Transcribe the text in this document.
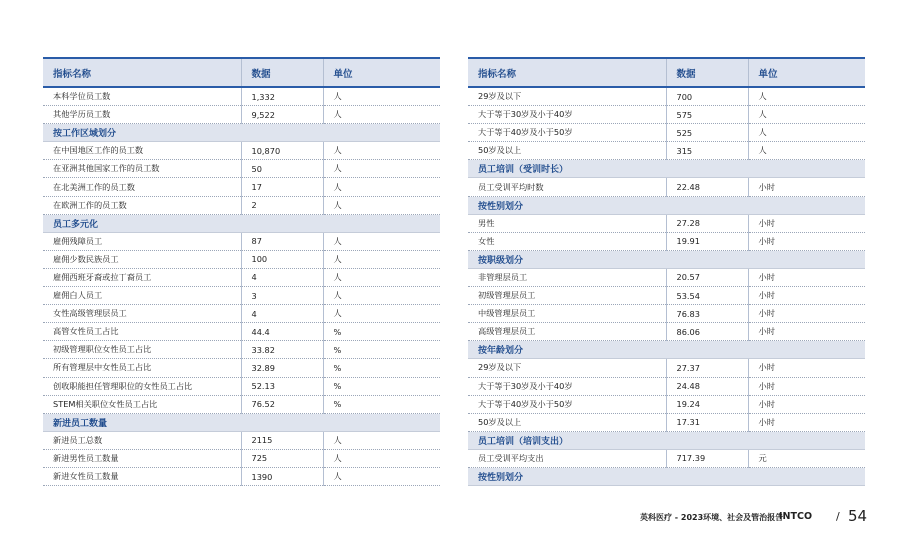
指标名称	数据	单位
本科学位员工数	1,332	人
其他学历员工数	9,522	人
按工作区域划分		
在中国地区工作的员工数	10,870	人
在亚洲其他国家工作的员工数	50	人
在北美洲工作的员工数	17	人
在欧洲工作的员工数	2	人
员工多元化		
雇佣残障员工	87	人
雇佣少数民族员工	100	人
雇佣西班牙裔或拉丁裔员工	4	人
雇佣白人员工	3	人
女性高级管理层员工	4	人
高管女性员工占比	44.4	%
初级管理职位女性员工占比	33.82	%
所有管理层中女性员工占比	32.89	%
创收职能担任管理职位的女性员工占比	52.13	%
STEM相关职位女性员工占比	76.52	%
新进员工数量		
新进员工总数	2115	人
新进男性员工数量	725	人
新进女性员工数量	1390	人
指标名称	数据	单位
29岁及以下	700	人
大于等于30岁及小于40岁	575	人
大于等于40岁及小于50岁	525	人
50岁及以上	315	人
员工培训（受训时长）		
员工受训平均时数	22.48	小时
按性别划分		
男性	27.28	小时
女性	19.91	小时
按职级划分		
非管理层员工	20.57	小时
初级管理层员工	53.54	小时
中级管理层员工	76.83	小时
高级管理层员工	86.06	小时
按年龄划分		
29岁及以下	27.37	小时
大于等于30岁及小于40岁	24.48	小时
大于等于40岁及小于50岁	19.24	小时
50岁及以上	17.31	小时
员工培训（培训支出）		
员工受训平均支出	717.39	元
按性别划分		
英科医疗 - 2023环境、社会及管治报告
INTCO / 54
